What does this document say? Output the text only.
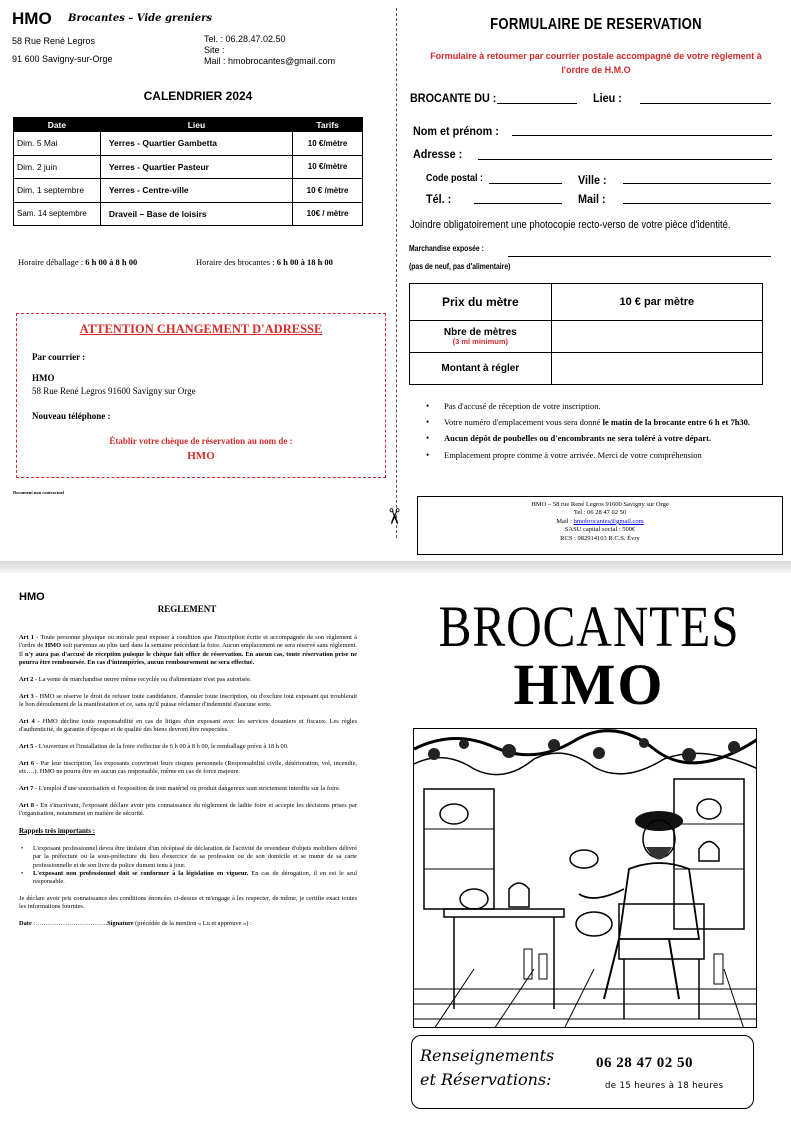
HMO Brocantes – Vide greniers
58 Rue René Legros
91 600 Savigny-sur-Orge
Tel. : 06.28.47.02.50
Site :
Mail : hmobrocantes@gmail.com
CALENDRIER 2024
Date	Lieu	Tarifs
Dim. 5 Mai	Yerres - Quartier Gambetta	10 €/mètre
Dim. 2 juin	Yerres - Quartier Pasteur	10 €/mètre
Dim. 1 septembre	Yerres - Centre-ville	10 € /mètre
Sam. 14 septembre	Draveil – Base de loisirs	10€ / mètre
Horaire déballage : 6 h 00 à 8 h 00	Horaire des brocantes : 6 h 00 à 18 h 00
ATTENTION CHANGEMENT D'ADRESSE
Par courrier :
HMO
58 Rue René Legros 91600 Savigny sur Orge
Nouveau téléphone :
Établir votre chèque de réservation au nom de :
HMO
Document non contractuel
✂
FORMULAIRE DE RESERVATION
Formulaire à retourner par courrier postale accompagné de votre règlement à
l'ordre de H.M.O
BROCANTE DU :	Lieu :
Nom et prénom :
Adresse :
Code postal :	Ville :
Tél. :	Mail :
Joindre obligatoirement une photocopie recto-verso de votre pièce d'identité.
Marchandise exposée :
(pas de neuf, pas d'alimentaire)
Prix du mètre	10 € par mètre

Nbre de mètres
(3 ml minimum)	

Montant à régler	
• Pas d'accusé de réception de votre inscription.
• Votre numéro d'emplacement vous sera donné le matin de la brocante entre 6 h et 7h30.
• Aucun dépôt de poubelles ou d'encombrants ne sera toléré à votre départ.
• Emplacement propre comme à votre arrivée. Merci de votre compréhension
HMO – 58 rue René Legros 91600 Savigny sur Orge
Tel : 06 28 47 02 50
Mail : hmobrocantes@gmail.com
SASU capital social : 500€
RCS : 982914103 R.C.S. Évry
HMO
REGLEMENT

Art 1 - Toute personne physique ou morale peut exposer à condition que l'inscription écrite et accompagnée de son règlement à l'ordre de HMO soit parvenue au plus tard dans la semaine précédant la foire. Aucun emplacement ne sera réservé sans règlement. Il n'y aura pas d'accusé de réception puisque le chèque fait office de réservation. En aucun cas, toute réservation prise ne pourra être remboursée. En cas d'intempéries, aucun remboursement ne sera effectué.

Art 2 - La vente de marchandise neuve même recyclée ou d'alimentaire n'est pas autorisée.

Art 3 - HMO se réserve le droit de refuser toute candidature, d'annuler toute inscription, ou d'exclure tout exposant qui troublerait le bon déroulement de la manifestation et ce, sans qu'il puisse réclamer d'indemnité d'aucune sorte.

Art 4 - HMO décline toute responsabilité en cas de litiges d'un exposant avec les services douaniers et fiscaux. Les règles d'authenticité, de garantie d'époque et de qualité des biens devront être respectées.

Art 5 - L'ouverture et l'installation de la foire s'effectue de 6 h 00 à 8 h 00, le remballage prévu à 18 h 00.

Art 6 - Par leur inscription, les exposants couvriront leurs risques personnels (Responsabilité civile, détérioration, vol, incendie, etc….). HMO ne pourra être en aucun cas responsable, même en cas de force majeure.

Art 7 - L'emploi d'une sonorisation et l'exposition de tout matériel ou produit dangereux sont strictement interdits sur la foire.

Art 8 - En s'inscrivant, l'exposant déclare avoir pris connaissance du règlement de ladite foire et accepte les décisions prises par l'organisation, notamment en matière de sécurité.

Rappels très importants :

• L'exposant professionnel devra être titulaire d'un récépissé de déclaration de l'activité de revendeur d'objets mobiliers délivré par la préfecture ou la sous-préfecture du lieu d'exercice de sa profession ou de son domicile et se munir de sa carte professionnelle et de son livre de police dument tenu à jour.
• L'exposant non professionnel doit se conformer à la législation en vigueur. En cas de dérogation, il en est le seul responsable.

Je déclare avoir pris connaissance des conditions énoncées ci-dessus et m'engage à les respecter, de même, je certifie exact toutes les informations fournies.

Date :…………………………….Signature (précédée de la mention « Lu et approuve ») :

BROCANTES
HMO
Renseignements
et Réservations:
06 28 47 02 50
de 15 heures à 18 heures
